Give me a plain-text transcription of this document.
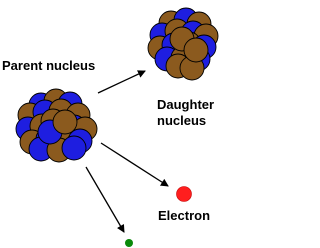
Parent nucleus
Daughter
nucleus
Electron
